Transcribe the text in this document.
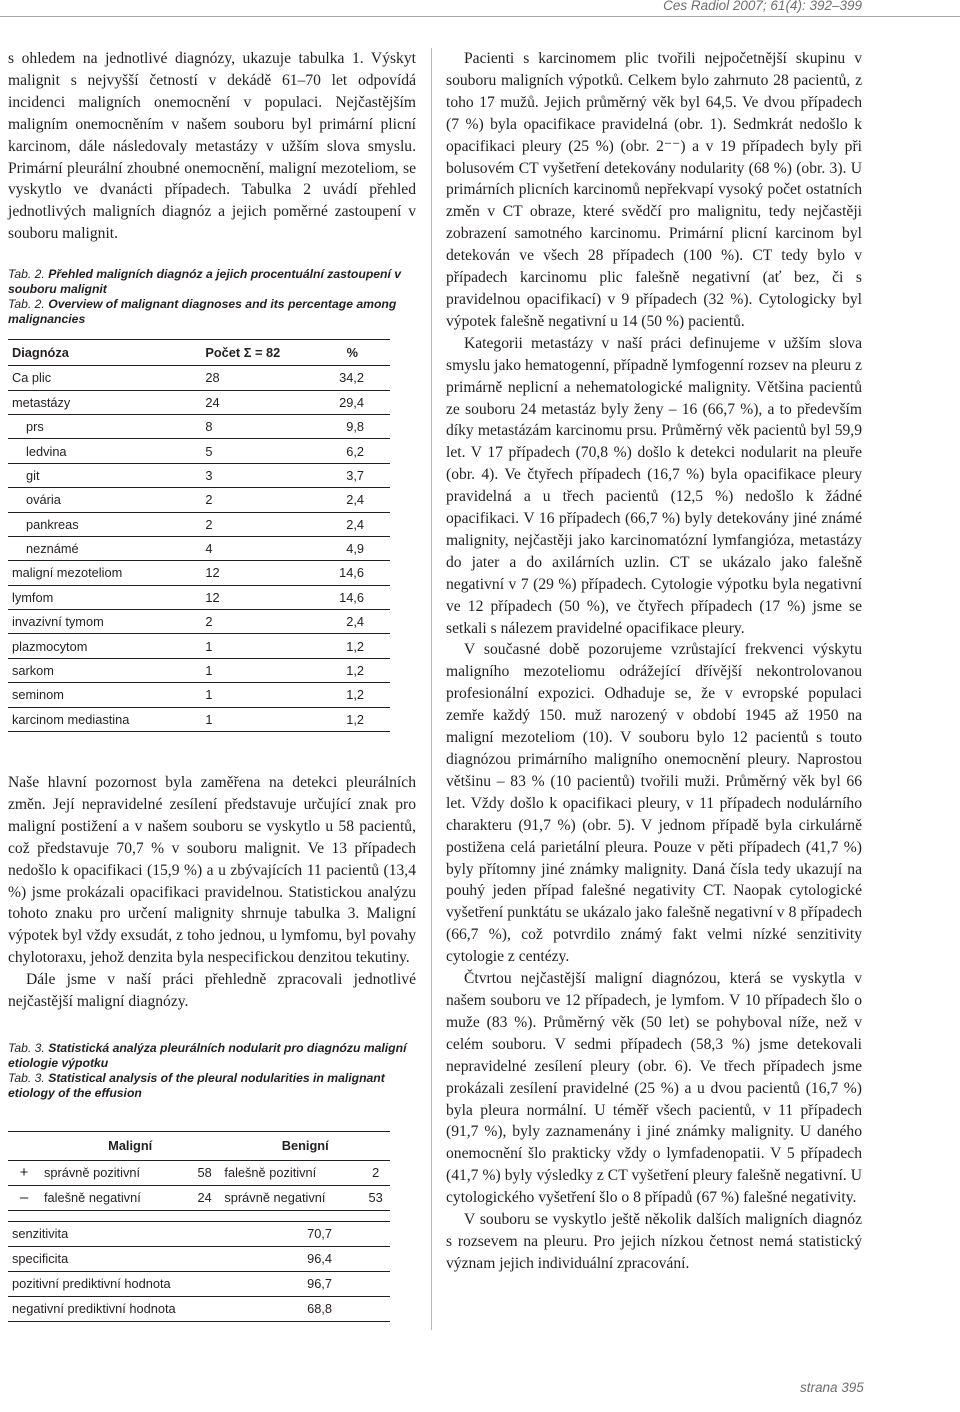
Ces Radiol 2007; 61(4): 392–399

s ohledem na jednotlivé diagnózy, ukazuje tabulka 1. Výskyt malignit s nejvyšší četností v dekádě 61–70 let odpovídá incidenci maligních onemocnění v populaci. Nejčastějším maligním onemocněním v našem souboru byl primární plicní karcinom, dále následovaly metastázy v užším slova smyslu. Primární pleurální zhoubné onemocnění, maligní mezoteliom, se vyskytlo ve dvanácti případech. Tabulka 2 uvádí přehled jednotlivých maligních diagnóz a jejich poměrné zastoupení v souboru malignit.

Tab. 2. Přehled maligních diagnóz a jejich procentuální zastoupení v souboru malignit
Tab. 2. Overview of malignant diagnoses and its percentage among malignancies
Diagnóza	Počet Σ = 82	%
Ca plic	28	34,2
metastázy	24	29,4
prs	8	9,8
ledvina	5	6,2
git	3	3,7
ovária	2	2,4
pankreas	2	2,4
neznámé	4	4,9
maligní mezoteliom	12	14,6
lymfom	12	14,6
invazivní tymom	2	2,4
plazmocytom	1	1,2
sarkom	1	1,2
seminom	1	1,2
karcinom mediastina	1	1,2

Naše hlavní pozornost byla zaměřena na detekci pleurálních změn. Její nepravidelné zesílení představuje určující znak pro maligní postižení a v našem souboru se vyskytlo u 58 pacientů, což představuje 70,7 % v souboru malignit. Ve 13 případech nedošlo k opacifikaci (15,9 %) a u zbývajících 11 pacientů (13,4 %) jsme prokázali opacifikaci pravidelnou. Statistickou analýzu tohoto znaku pro určení malignity shrnuje tabulka 3. Maligní výpotek byl vždy exsudát, z toho jednou, u lymfomu, byl povahy chylotoraxu, jehož denzita byla nespecifickou denzitou tekutiny.

Dále jsme v naší práci přehledně zpracovali jednotlivé nejčastější maligní diagnózy.

Tab. 3. Statistická analýza pleurálních nodularit pro diagnózu maligní etiologie výpotku
Tab. 3. Statistical analysis of the pleural nodularities in malignant etiology of the effusion
	Maligní		Benigní	
+	správně pozitivní	58	falešně pozitivní	2
–	falešně negativní	24	správně negativní	53

senzitivita			70,7	
specificita			96,4	
pozitivní prediktivní hodnota			96,7	
negativní prediktivní hodnota			68,8	

Pacienti s karcinomem plic tvořili nejpočetnější skupinu v souboru maligních výpotků. Celkem bylo zahrnuto 28 pacientů, z toho 17 mužů. Jejich průměrný věk byl 64,5. Ve dvou případech (7 %) byla opacifikace pravidelná (obr. 1). Sedmkrát nedošlo k opacifikaci pleury (25 %) (obr. 2⁻⁻) a v 19 případech byly při bolusovém CT vyšetření detekovány nodularity (68 %) (obr. 3). U primárních plicních karcinomů nepřekvapí vysoký počet ostatních změn v CT obraze, které svědčí pro malignitu, tedy nejčastěji zobrazení samotného karcinomu. Primární plicní karcinom byl detekován ve všech 28 případech (100 %). CT tedy bylo v případech karcinomu plic falešně negativní (ať bez, či s pravidelnou opacifikací) v 9 případech (32 %). Cytologicky byl výpotek falešně negativní u 14 (50 %) pacientů.

Kategorii metastázy v naší práci definujeme v užším slova smyslu jako hematogenní, případně lymfogenní rozsev na pleuru z primárně neplicní a nehematologické malignity. Většina pacientů ze souboru 24 metastáz byly ženy – 16 (66,7 %), a to především díky metastázám karcinomu prsu. Průměrný věk pacientů byl 59,9 let. V 17 případech (70,8 %) došlo k detekci nodularit na pleuře (obr. 4). Ve čtyřech případech (16,7 %) byla opacifikace pleury pravidelná a u třech pacientů (12,5 %) nedošlo k žádné opacifikaci. V 16 případech (66,7 %) byly detekovány jiné známé malignity, nejčastěji jako karcinomatózní lymfangióza, metastázy do jater a do axilárních uzlin. CT se ukázalo jako falešně negativní v 7 (29 %) případech. Cytologie výpotku byla negativní ve 12 případech (50 %), ve čtyřech případech (17 %) jsme se setkali s nálezem pravidelné opacifikace pleury.

V současné době pozorujeme vzrůstající frekvenci výskytu maligního mezoteliomu odrážející dřívější nekontrolovanou profesionální expozici. Odhaduje se, že v evropské populaci zemře každý 150. muž narozený v období 1945 až 1950 na maligní mezoteliom (10). V souboru bylo 12 pacientů s touto diagnózou primárního maligního onemocnění pleury. Naprostou většinu – 83 % (10 pacientů) tvořili muži. Průměrný věk byl 66 let. Vždy došlo k opacifikaci pleury, v 11 případech nodulárního charakteru (91,7 %) (obr. 5). V jednom případě byla cirkulárně postižena celá parietální pleura. Pouze v pěti případech (41,7 %) byly přítomny jiné známky malignity. Daná čísla tedy ukazují na pouhý jeden případ falešné negativity CT. Naopak cytologické vyšetření punktátu se ukázalo jako falešně negativní v 8 případech (66,7 %), což potvrdilo známý fakt velmi nízké senzitivity cytologie z centézy.

Čtvrtou nejčastější maligní diagnózou, která se vyskytla v našem souboru ve 12 případech, je lymfom. V 10 případech šlo o muže (83 %). Průměrný věk (50 let) se pohyboval níže, než v celém souboru. V sedmi případech (58,3 %) jsme detekovali nepravidelné zesílení pleury (obr. 6). Ve třech případech jsme prokázali zesílení pravidelné (25 %) a u dvou pacientů (16,7 %) byla pleura normální. U téměř všech pacientů, v 11 případech (91,7 %), byly zaznamenány i jiné známky malignity. U daného onemocnění šlo prakticky vždy o lymfadenopatii. V 5 případech (41,7 %) byly výsledky z CT vyšetření pleury falešně negativní. U cytologického vyšetření šlo o 8 případů (67 %) falešné negativity.

V souboru se vyskytlo ještě několik dalších maligních diagnóz s rozsevem na pleuru. Pro jejich nízkou četnost nemá statistický význam jejich individuální zpracování.

strana 395
